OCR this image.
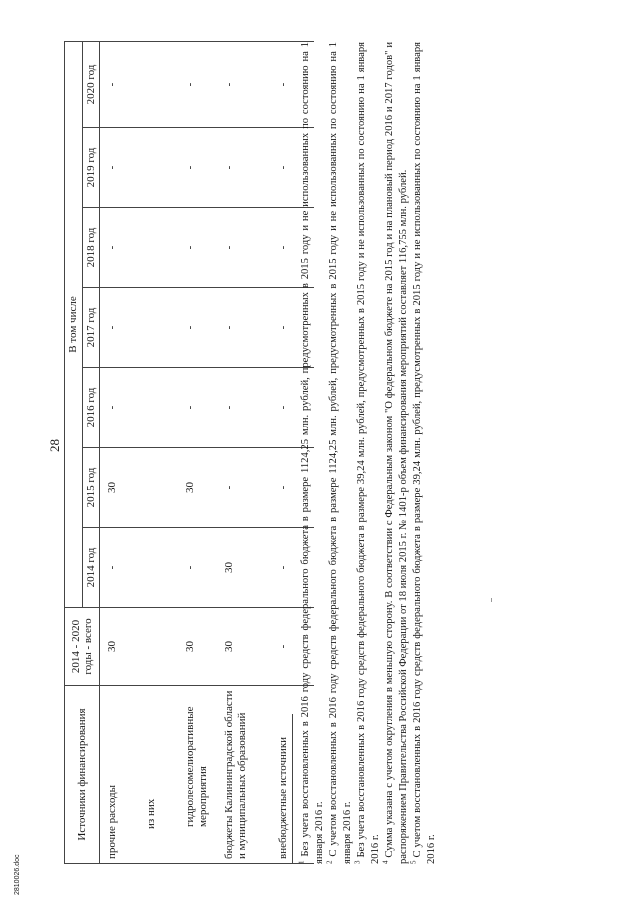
28
Источники финансирования	2014 - 2020 годы - всего	В том числе						
		2014 год	2015 год	2016 год	2017 год	2018 год	2019 год	2020 год
прочие расходы	30	-	30	-	-	-	-	-
из них								
гидролесомелиоративные мероприятия	30	-	30	-	-	-	-	-
бюджеты Калининградской области и муниципальных образований	30	30	-	-	-	-	-	-
внебюджетные источники	-	-	-	-	-	-	-	-

$^1$ Без учета восстановленных в 2016 году средств федерального бюджета в размере 1124,25 млн. рублей, предусмотренных в 2015 году и не использованных по состоянию на 1 января 2016 г. $^2$ С учетом восстановленных в 2016 году средств федерального бюджета в размере 1124,25 млн. рублей, предусмотренных в 2015 году и не использованных по состоянию на 1 января 2016 г. $^3$ Без учета восстановленных в 2016 году средств федерального бюджета в размере 39,24 млн. рублей, предусмотренных в 2015 году и не использованных по состоянию на 1 января 2016 г. $^4$ Сумма указана с учетом округления в меньшую сторону. В соответствии с Федеральным законом "О федеральном бюджете на 2015 год и на плановый период 2016 и 2017 годов" и распоряжением Правительства Российской Федерации от 18 июля 2015 г. № 1401-р объем финансирования мероприятий составляет 116,755 млн. рублей. $^5$ С учетом восстановленных в 2016 году средств федерального бюджета в размере 39,24 млн. рублей, предусмотренных в 2015 году и не использованных по состоянию на 1 января 2016 г.

2810026.doc
